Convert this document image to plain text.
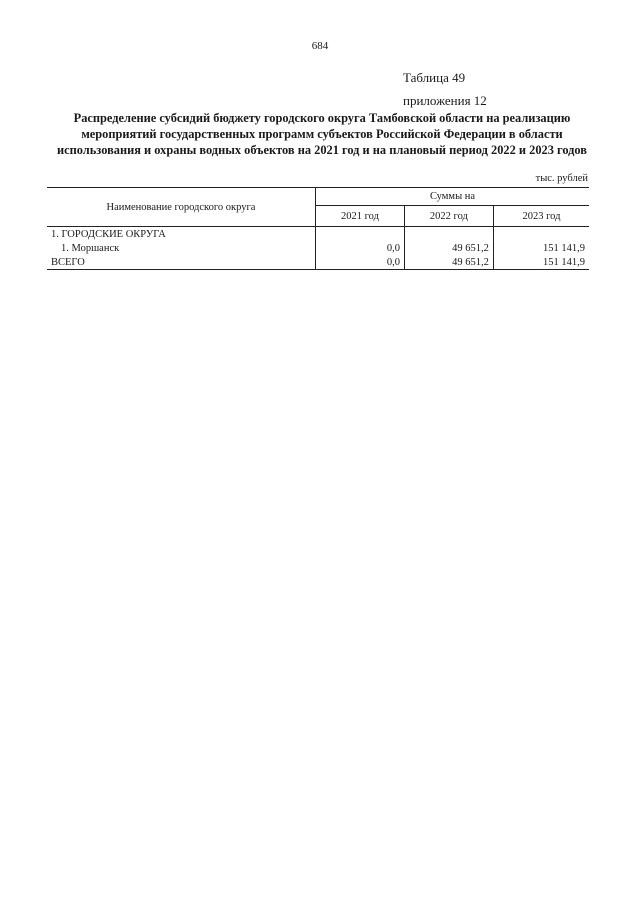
684
Таблица 49
приложения 12
Распределение субсидий бюджету городского округа Тамбовской области на реализацию мероприятий государственных программ субъектов Российской Федерации в области использования и охраны водных объектов на 2021 год и на плановый период 2022 и 2023 годов
тыс. рублей
Наименование городского округа	Суммы на		
	2021 год	2022 год	2023 год
1. ГОРОДСКИЕ ОКРУГА			
1. Моршанск	0,0	49 651,2	151 141,9
ВСЕГО	0,0	49 651,2	151 141,9
